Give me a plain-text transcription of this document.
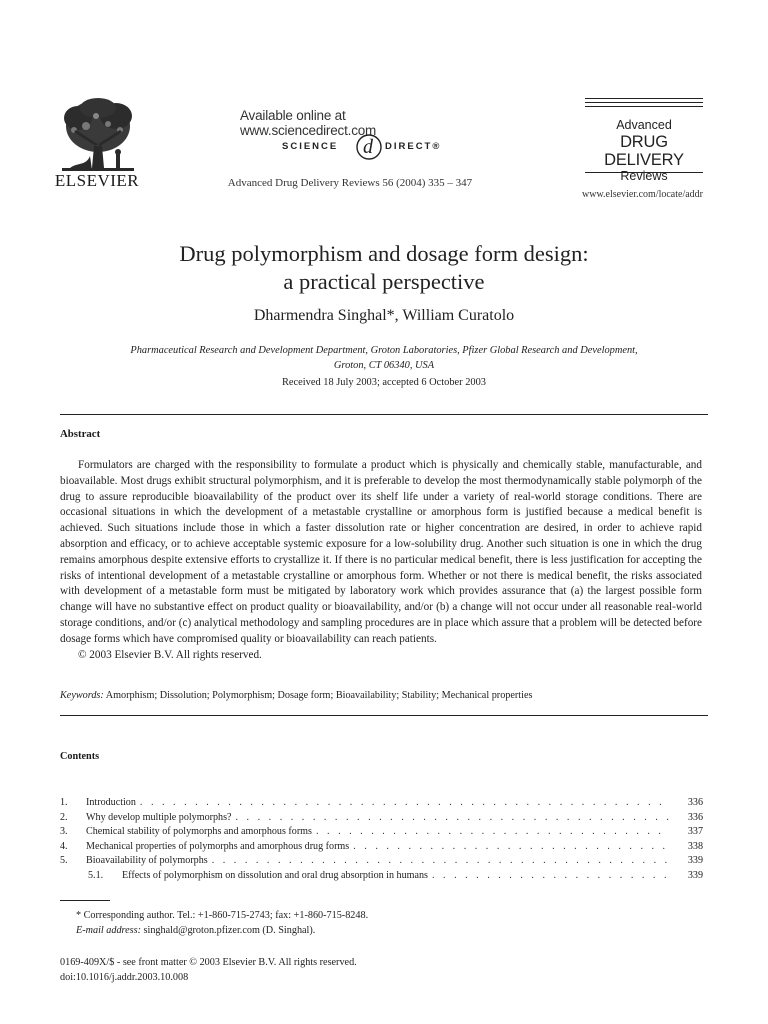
ELSEVIER
Available online at www.sciencedirect.com
SCIENCE d DIRECT®
Advanced Drug Delivery Reviews 56 (2004) 335 – 347
Advanced
DRUG DELIVERY
Reviews
www.elsevier.com/locate/addr
Drug polymorphism and dosage form design:
a practical perspective
Dharmendra Singhal*, William Curatolo
Pharmaceutical Research and Development Department, Groton Laboratories, Pfizer Global Research and Development,
Groton, CT 06340, USA
Received 18 July 2003; accepted 6 October 2003
Abstract

Formulators are charged with the responsibility to formulate a product which is physically and chemically stable, manufacturable, and bioavailable. Most drugs exhibit structural polymorphism, and it is preferable to develop the most thermodynamically stable polymorph of the drug to assure reproducible bioavailability of the product over its shelf life under a variety of real-world storage conditions. There are occasional situations in which the development of a metastable crystalline or amorphous form is justified because a medical benefit is achieved. Such situations include those in which a faster dissolution rate or higher concentration are desired, in order to achieve rapid absorption and efficacy, or to achieve acceptable systemic exposure for a low-solubility drug. Another such situation is one in which the drug remains amorphous despite extensive efforts to crystallize it. If there is no particular medical benefit, there is less justification for accepting the risks of intentional development of a metastable crystalline or amorphous form. Whether or not there is medical benefit, the risks associated with development of a metastable form must be mitigated by laboratory work which provides assurance that (a) the largest possible form change will have no substantive effect on product quality or bioavailability, and/or (b) a change will not occur under all reasonable real-world storage conditions, and/or (c) analytical methodology and sampling procedures are in place which assure that a problem will be detected before dosage forms which have compromised quality or bioavailability can reach patients.

© 2003 Elsevier B.V. All rights reserved.

Keywords: Amorphism; Dissolution; Polymorphism; Dosage form; Bioavailability; Stability; Mechanical properties
Contents
1.	Introduction . . .	336
2.	Why develop multiple polymorphs? . . .	336
3.	Chemical stability of polymorphs and amorphous forms . . .	337
4.	Mechanical properties of polymorphs and amorphous drug forms . . .	338
5.	Bioavailability of polymorphs . . .	339
5.1.	Effects of polymorphism on dissolution and oral drug absorption in humans . . .	339
* Corresponding author. Tel.: +1-860-715-2743; fax: +1-860-715-8248.
E-mail address: singhald@groton.pfizer.com (D. Singhal).
0169-409X/$ - see front matter © 2003 Elsevier B.V. All rights reserved.
doi:10.1016/j.addr.2003.10.008
